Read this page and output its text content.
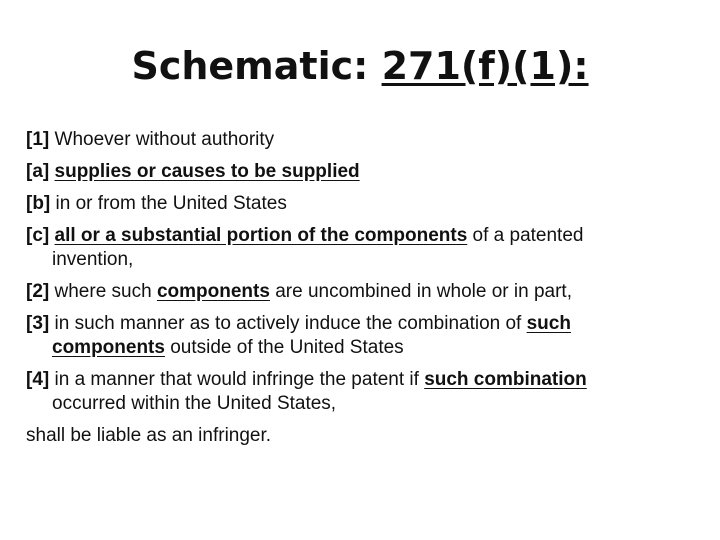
Schematic: 271(f)(1):
[1] Whoever without authority
[a] supplies or causes to be supplied
[b] in or from the United States
[c] all or a substantial portion of the components of a patented
invention,
[2] where such components are uncombined in whole or in part,
[3] in such manner as to actively induce the combination of such
components outside of the United States
[4] in a manner that would infringe the patent if such combination
occurred within the United States,
shall be liable as an infringer.
